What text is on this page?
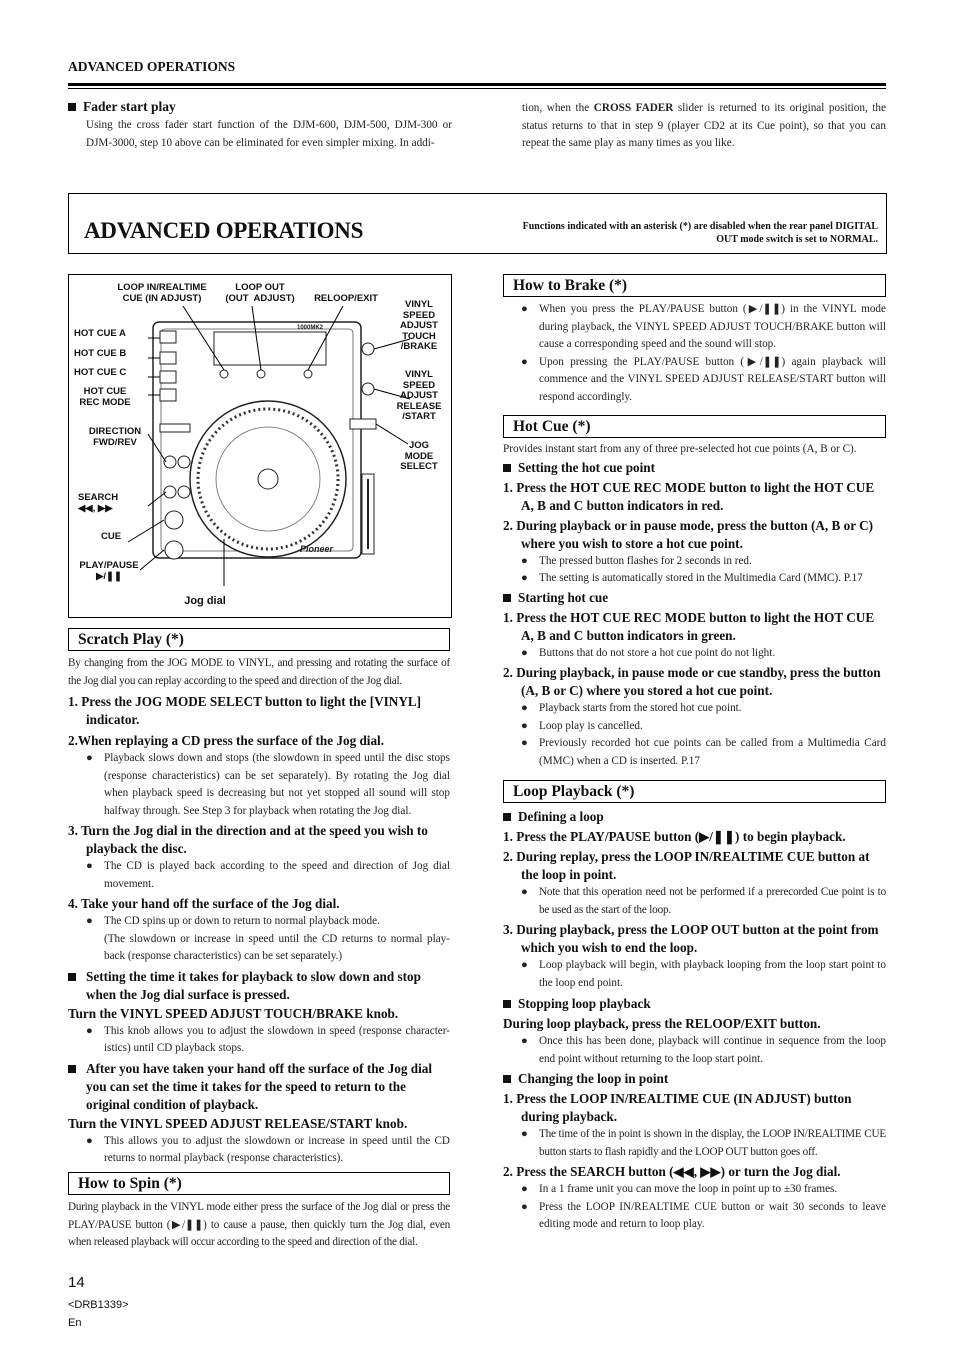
ADVANCED OPERATIONS
Fader start play
Using the cross fader start function of the DJM-600, DJM-500, DJM-300 or DJM-3000, step 10 above can be eliminated for even simpler mixing. In addi-
tion, when the CROSS FADER slider is returned to its original position, the status returns to that in step 9 (player CD2 at its Cue point), so that you can repeat the same play as many times as you like.
ADVANCED OPERATIONS	Functions indicated with an asterisk (*) are disabled when the rear panel DIGITAL OUT mode switch is set to NORMAL.
1000MK2
Pioneer
LOOP IN/REALTIME
CUE (IN ADJUST)
LOOP OUT
(OUT  ADJUST)	RELOOP/EXIT
HOT CUE A
HOT CUE B
HOT CUE C
HOT CUE
REC MODE
DIRECTION
FWD/REV
SEARCH
◀◀, ▶▶
CUE
PLAY/PAUSE
▶/❚❚
Jog dial
VINYL
SPEED
ADJUST
TOUCH
/BRAKE
VINYL
SPEED
ADJUST
RELEASE
/START
JOG
MODE
SELECT
Scratch Play (*)

By changing from the JOG MODE to VINYL, and pressing and rotating the surface of the Jog dial you can replay according to the speed and direction of the Jog dial.

1. Press the JOG MODE SELECT button to light the [VINYL] indicator.

2.When replaying a CD press the surface of the Jog dial.

● Playback slows down and stops (the slowdown in speed until the disc stops (response characteristics) can be set separately). By rotating the Jog dial when playback speed is decreasing but not yet stopped all sound will stop halfway through. See Step 3 for playback when rotating the Jog dial.

3. Turn the Jog dial in the direction and at the speed you wish to playback the disc.

● The CD is played back according to the speed and direction of Jog dial movement.

4. Take your hand off the surface of the Jog dial.

● The CD spins up or down to return to normal playback mode.

(The slowdown or increase in speed until the CD returns to normal play-back (response characteristics) can be set separately.)

Setting the time it takes for playback to slow down and stop when the Jog dial surface is pressed.

Turn the VINYL SPEED ADJUST TOUCH/BRAKE knob.

● This knob allows you to adjust the slowdown in speed (response character-istics) until CD playback stops.

After you have taken your hand off the surface of the Jog dial you can set the time it takes for the speed to return to the original condition of playback.

Turn the VINYL SPEED ADJUST RELEASE/START knob.

● This allows you to adjust the slowdown or increase in speed until the CD returns to normal playback (response characteristics).

How to Spin (*)

During playback in the VINYL mode either press the surface of the Jog dial or press the PLAY/PAUSE button (▶/❚❚) to cause a pause, then quickly turn the Jog dial, even when released playback will occur according to the speed and direction of the dial.

How to Brake (*)

● When you press the PLAY/PAUSE button (▶/❚❚) in the VINYL mode during playback, the VINYL SPEED ADJUST TOUCH/BRAKE button will cause a corresponding speed and the sound will stop.

● Upon pressing the PLAY/PAUSE button (▶/❚❚) again playback will commence and the VINYL SPEED ADJUST RELEASE/START button will respond accordingly.

Hot Cue (*)

Provides instant start from any of three pre-selected hot cue points (A, B or C).

Setting the hot cue point

1. Press the HOT CUE REC MODE button to light the HOT CUE A, B and C button indicators in red.

2. During playback or in pause mode, press the button (A, B or C) where you wish to store a hot cue point.

● The pressed button flashes for 2 seconds in red.

● The setting is automatically stored in the Multimedia Card (MMC). P.17

Starting hot cue

1. Press the HOT CUE REC MODE button to light the HOT CUE A, B and C button indicators in green.

● Buttons that do not store a hot cue point do not light.

2. During playback, in pause mode or cue standby, press the button (A, B or C) where you stored a hot cue point.

● Playback starts from the stored hot cue point.

● Loop play is cancelled.

● Previously recorded hot cue points can be called from a Multimedia Card (MMC) when a CD is inserted. P.17

Loop Playback (*)

Defining a loop

1. Press the PLAY/PAUSE button (▶/❚❚) to begin playback.

2. During replay, press the LOOP IN/REALTIME CUE button at the loop in point.

● Note that this operation need not be performed if a prerecorded Cue point is to be used as the start of the loop.

3. During playback, press the LOOP OUT button at the point from which you wish to end the loop.

● Loop playback will begin, with playback looping from the loop start point to the loop end point.

Stopping loop playback

During loop playback, press the RELOOP/EXIT button.

● Once this has been done, playback will continue in sequence from the loop end point without returning to the loop start point.

Changing the loop in point

1. Press the LOOP IN/REALTIME CUE (IN ADJUST) button during playback.

● The time of the in point is shown in the display, the LOOP IN/REALTIME CUE button starts to flash rapidly and the LOOP OUT button goes off.

2. Press the SEARCH button (◀◀, ▶▶) or turn the Jog dial.

● In a 1 frame unit you can move the loop in point up to ±30 frames.

● Press the LOOP IN/REALTIME CUE button or wait 30 seconds to leave editing mode and return to loop play.

14
<DRB1339>
En
